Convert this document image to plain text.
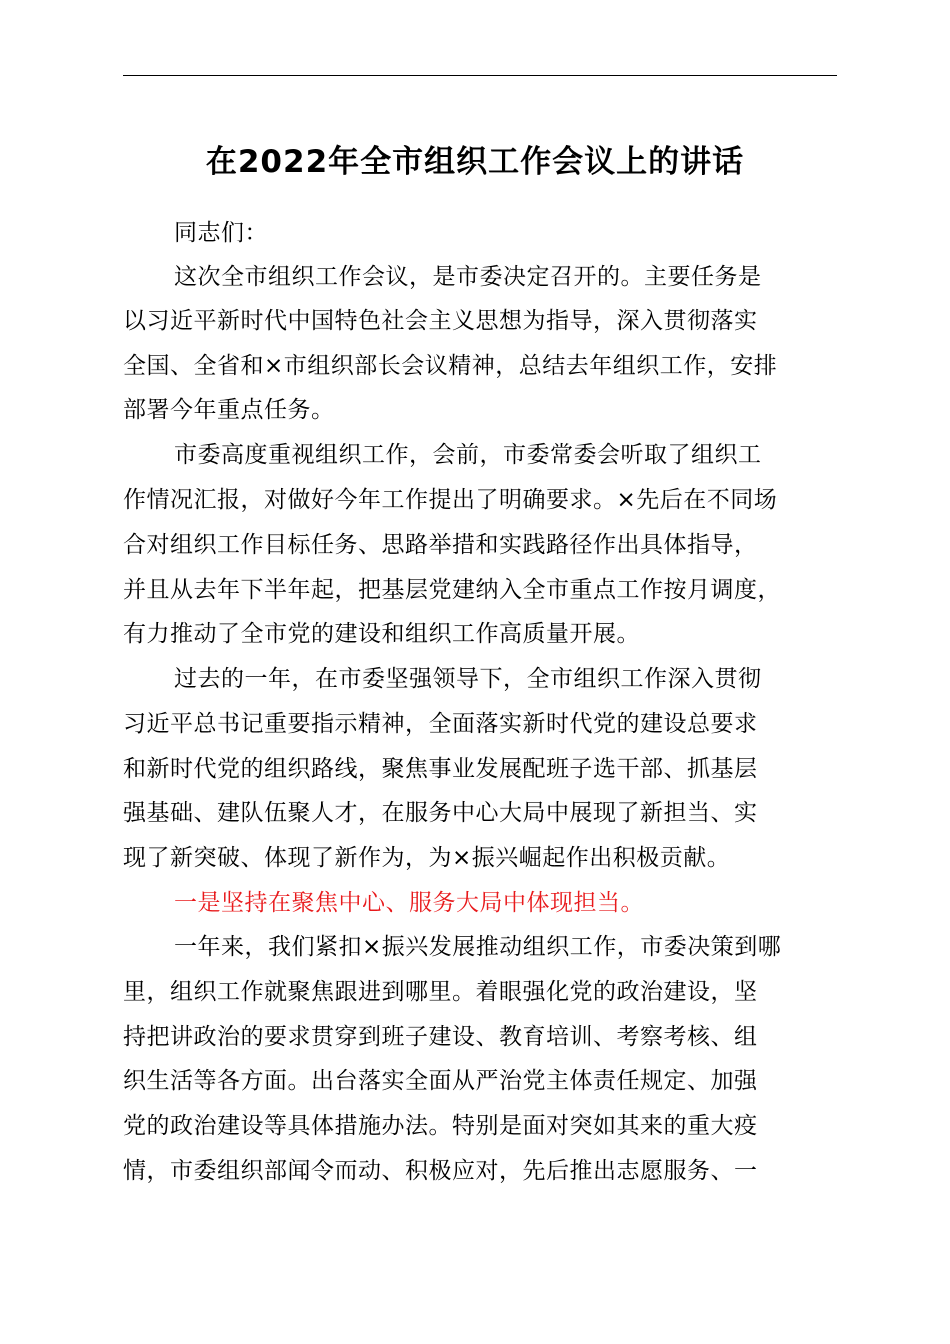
在2022年全市组织工作会议上的讲话
同志们：
这次全市组织工作会议，是市委决定召开的。主要任务是
以习近平新时代中国特色社会主义思想为指导，深入贯彻落实
全国、全省和×市组织部长会议精神，总结去年组织工作，安排
部署今年重点任务。
市委高度重视组织工作，会前，市委常委会听取了组织工
作情况汇报，对做好今年工作提出了明确要求。×先后在不同场
合对组织工作目标任务、思路举措和实践路径作出具体指导，
并且从去年下半年起，把基层党建纳入全市重点工作按月调度，
有力推动了全市党的建设和组织工作高质量开展。
过去的一年，在市委坚强领导下，全市组织工作深入贯彻
习近平总书记重要指示精神，全面落实新时代党的建设总要求
和新时代党的组织路线，聚焦事业发展配班子选干部、抓基层
强基础、建队伍聚人才，在服务中心大局中展现了新担当、实
现了新突破、体现了新作为，为×振兴崛起作出积极贡献。
一是坚持在聚焦中心、服务大局中体现担当。
一年来，我们紧扣×振兴发展推动组织工作，市委决策到哪
里，组织工作就聚焦跟进到哪里。着眼强化党的政治建设，坚
持把讲政治的要求贯穿到班子建设、教育培训、考察考核、组
织生活等各方面。出台落实全面从严治党主体责任规定、加强
党的政治建设等具体措施办法。特别是面对突如其来的重大疫
情，市委组织部闻令而动、积极应对，先后推出志愿服务、一
